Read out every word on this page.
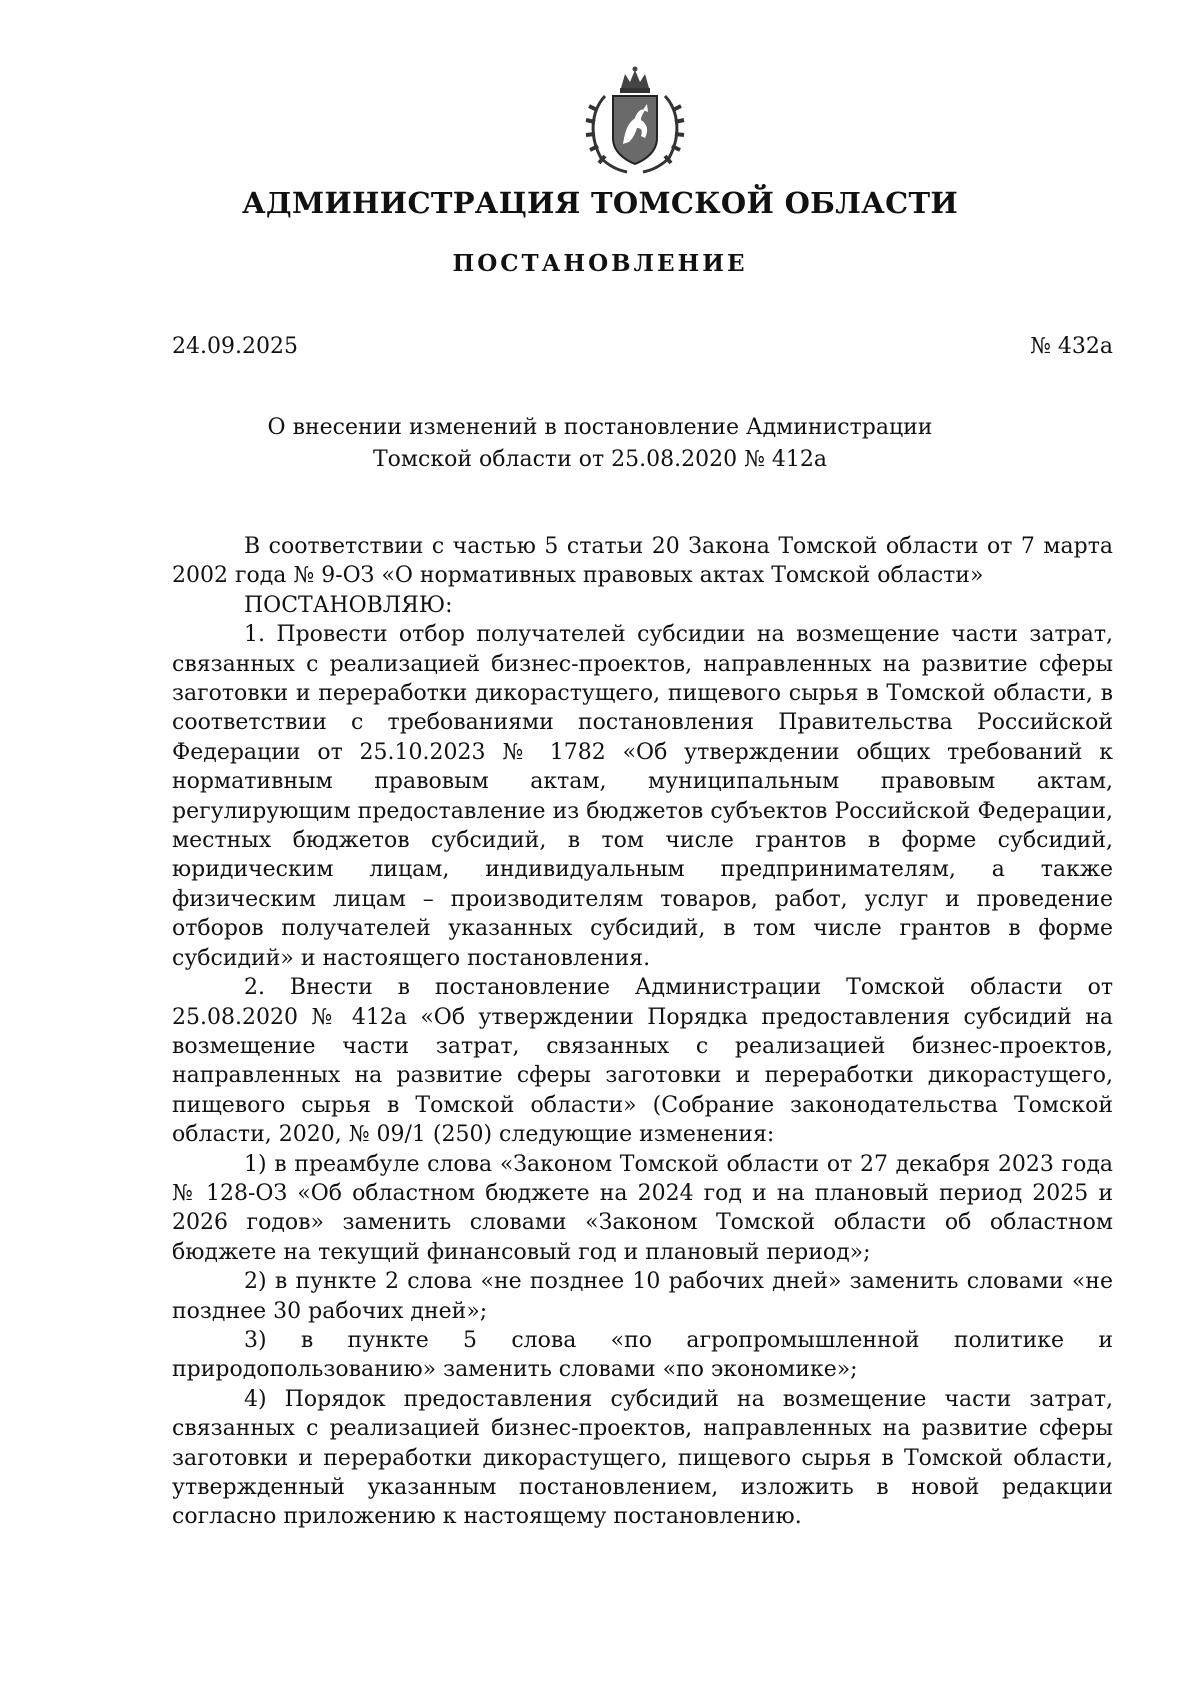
АДМИНИСТРАЦИЯ ТОМСКОЙ ОБЛАСТИ
ПОСТАНОВЛЕНИЕ
24.09.2025	№ 432а
О внесении изменений в постановление Администрации
Томской области от 25.08.2020 № 412а

В соответствии с частью 5 статьи 20 Закона Томской области от 7 марта 2002 года № 9-ОЗ «О нормативных правовых актах Томской области»

ПОСТАНОВЛЯЮ:

1. Провести отбор получателей субсидии на возмещение части затрат, связанных с реализацией бизнес-проектов, направленных на развитие сферы заготовки и переработки дикорастущего, пищевого сырья в Томской области, в соответствии с требованиями постановления Правительства Российской Федерации от 25.10.2023 № 1782 «Об утверждении общих требований к нормативным правовым актам, муниципальным правовым актам, регулирующим предоставление из бюджетов субъектов Российской Федерации, местных бюджетов субсидий, в том числе грантов в форме субсидий, юридическим лицам, индивидуальным предпринимателям, а также физическим лицам – производителям товаров, работ, услуг и проведение отборов получателей указанных субсидий, в том числе грантов в форме субсидий» и настоящего постановления.

2. Внести в постановление Администрации Томской области от 25.08.2020 № 412а «Об утверждении Порядка предоставления субсидий на возмещение части затрат, связанных с реализацией бизнес-проектов, направленных на развитие сферы заготовки и переработки дикорастущего, пищевого сырья в Томской области» (Собрание законодательства Томской области, 2020, № 09/1 (250) следующие изменения:

1) в преамбуле слова «Законом Томской области от 27 декабря 2023 года № 128-ОЗ «Об областном бюджете на 2024 год и на плановый период 2025 и 2026 годов» заменить словами «Законом Томской области об областном бюджете на текущий финансовый год и плановый период»;

2) в пункте 2 слова «не позднее 10 рабочих дней» заменить словами «не позднее 30 рабочих дней»;

3) в пункте 5 слова «по агропромышленной политике и природопользованию» заменить словами «по экономике»;

4) Порядок предоставления субсидий на возмещение части затрат, связанных с реализацией бизнес-проектов, направленных на развитие сферы заготовки и переработки дикорастущего, пищевого сырья в Томской области, утвержденный указанным постановлением, изложить в новой редакции согласно приложению к настоящему постановлению.
